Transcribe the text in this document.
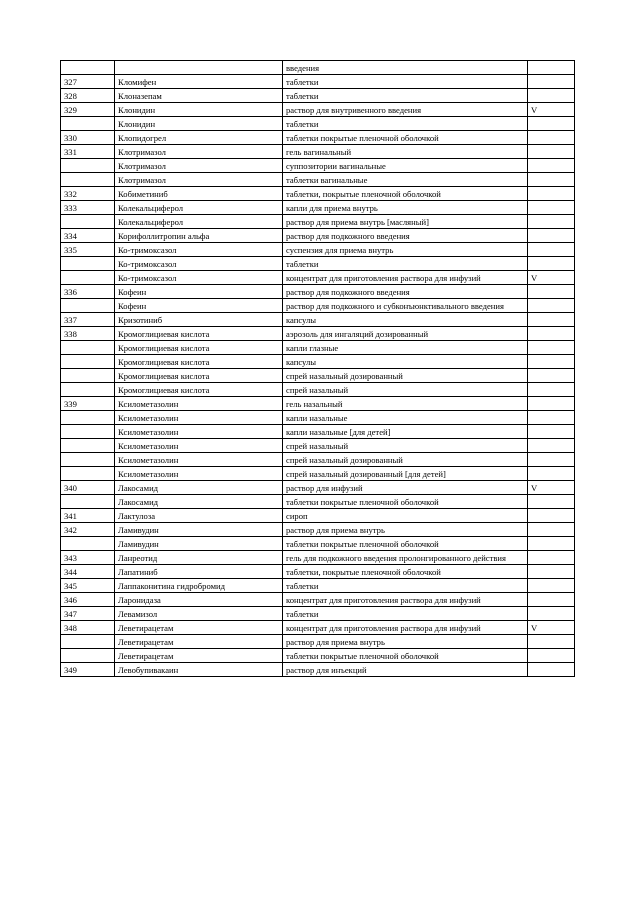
		введения	
327	Кломифен	таблетки	
328	Клоназепам	таблетки	
329	Клонидин	раствор для внутривенного введения	V
	Клонидин	таблетки	
330	Клопидогрел	таблетки покрытые пленочной оболочкой	
331	Клотримазол	гель вагинальный	
	Клотримазол	суппозитории вагинальные	
	Клотримазол	таблетки вагинальные	
332	Кобиметиниб	таблетки, покрытые пленочной оболочкой	
333	Колекальциферол	капли для приема внутрь	
	Колекальциферол	раствор для приема внутрь [масляный]	
334	Корифоллитропин альфа	раствор для подкожного введения	
335	Ко-тримоксазол	суспензия для приема внутрь	
	Ко-тримоксазол	таблетки	
	Ко-тримоксазол	концентрат для приготовления раствора для инфузий	V
336	Кофеин	раствор для подкожного введения	
	Кофеин	раствор для подкожного и субконъюнктивального введения	
337	Кризотиниб	капсулы	
338	Кромоглициевая кислота	аэрозоль для ингаляций дозированный	
	Кромоглициевая кислота	капли глазные	
	Кромоглициевая кислота	капсулы	
	Кромоглициевая кислота	спрей назальный дозированный	
	Кромоглициевая кислота	спрей назальный	
339	Ксилометазолин	гель назальный	
	Ксилометазолин	капли назальные	
	Ксилометазолин	капли назальные [для детей]	
	Ксилометазолин	спрей назальный	
	Ксилометазолин	спрей назальный дозированный	
	Ксилометазолин	спрей назальный дозированный [для детей]	
340	Лакосамид	раствор для инфузий	V
	Лакосамид	таблетки покрытые пленочной оболочкой	
341	Лактулоза	сироп	
342	Ламивудин	раствор для приема внутрь	
	Ламивудин	таблетки покрытые пленочной оболочкой	
343	Ланреотид	гель для подкожного введения пролонгированного действия	
344	Лапатиниб	таблетки, покрытые пленочной оболочкой	
345	Лаппаконитина гидробромид	таблетки	
346	Ларонидаза	концентрат для приготовления раствора для инфузий	
347	Левамизол	таблетки	
348	Леветирацетам	концентрат для приготовления раствора для инфузий	V
	Леветирацетам	раствор для приема внутрь	
	Леветирацетам	таблетки покрытые пленочной оболочкой	
349	Левобупивакаин	раствор для инъекций	
